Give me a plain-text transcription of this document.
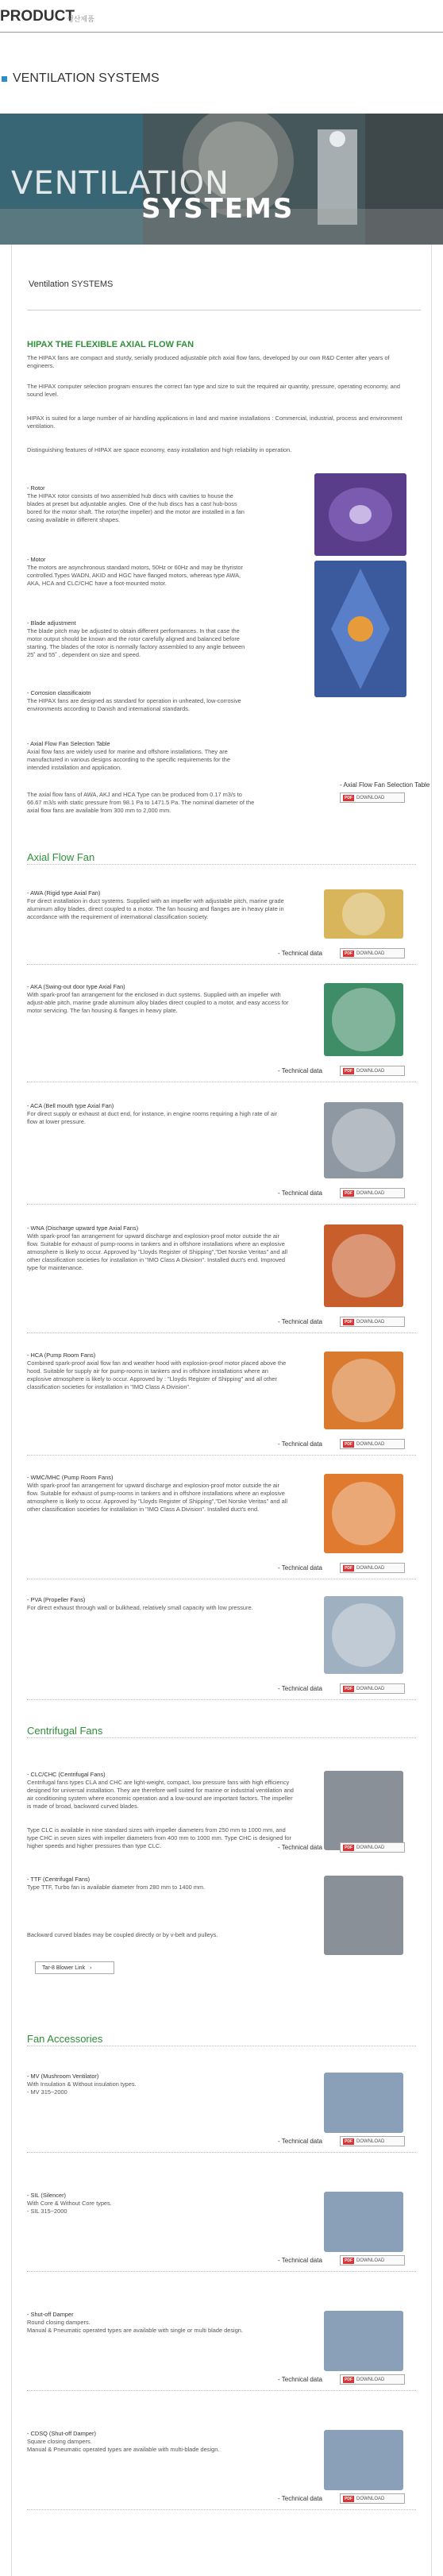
PRODUCT
생산제품
VENTILATION SYSTEMS
VENTILATION
SYSTEMS
Ventilation SYSTEMS
HIPAX THE FLEXIBLE AXIAL FLOW FAN
The HIPAX fans are compact and sturdy, serially produced adjustable pitch axial flow fans, developed by our own R&D Center after years of engineers.
The HIPAX computer selection program ensures the correct fan type and size to suit the required air quantity, pressure, operating economy, and sound level.
HIPAX is suited for a large number of air handling applications in land and marine installations : Commercial, industrial, process and environment ventilation.
Distinguishing features of HIPAX are space economy, easy installation and high reliability in operation.
- Rotor
The HIPAX rotor consists of two assembled hub discs with cavities to house the blades at preset but adjustable angles. One of the hub discs has a cast hub-boss bored for the motor shaft. The rotor(the impeller) and the motor are installed in a fan casing available in different shapes.
- Motor
The motors are asynchronous standard motors, 50Hz or 60Hz and may be thyristor controlled.Types WADN, AKID and HGC have flanged motors, whereas type AWA, AKA, HCA and CLC/CHC have a foot-mounted motor.
- Blade adjustment
The blade pitch may be adjusted to obtain different performances. In that case the motor output should be known and the rotor carefully aligned and balanced before starting. The blades of the rotor is normally factory assembled to any angle between 25˚ and 55˚ , dependent on size and speed.
- Corrosion classificaiotn
The HIPAX fans are designed as standard for operation in unheated, low-corrosive environments according to Danish and international standards.
- Axial Flow Fan Selection Table
Axial flow fans are widely used for marine and offshore installations. They are manufactured in various designs according to the specific requirements for the intended installation and application.
The axial flow fans of AWA, AKJ and HCA Type can be produced from 0.17 m3/s to 66.67 m3/s with static pressure from 98.1 Pa to 1471.5 Pa. The nominal diameter of the axial flow fans are available from 300 mm to 2,000 mm.
- Axial Flow Fan Selection Table
PDF DOWNLOAD
Axial Flow Fan
Centrifugal Fans
Tar-8 Blower Link ›
Fan Accessories
- AWA (Rigid type Axial Fan)
For direct installation in duct systems. Supplied with an impeller with adjustable pitch, marine grade aluminum alloy blades, direct coupled to a motor. The fan housing and flanges are in heavy plate in accordance with the requirement of international classification society.
- Technical data	PDF DOWNLOAD
- AKA (Swing-out door type Axial Fan)
With spark-proof fan arrangement for the enclosed in duct systems. Supplied with an impeller with adjust-able pitch, marine grade aluminum alloy blades direct coupled to a motor, and easy access for motor servicing. The fan housing & flanges in heavy plate.
- Technical data	PDF DOWNLOAD
- ACA (Bell mouth type Axial Fan)
For direct supply or exhaust at duct end, for instance, in engine rooms requiring a high rate of air flow at lower pressure.
- Technical data	PDF DOWNLOAD
- WNA (Discharge upward type Axial Fans)
With spark-proof fan arrangement for upward discharge and explosion-proof motor outside the air flow. Suitable for exhaust of pump-rooms in tankers and in offshore installations where an explosive atmosphere is likely to occur. Approved by "Lloyds Register of Shipping","Det Norske Veritas" and all other classification societies for installation in "IMO Class A Division". Installed duct's end. Improved type for maintenance.
- Technical data	PDF DOWNLOAD
- HCA (Pump Room Fans)
Combined spark-proof axial flow fan and weather hood with explosion-proof motor placed above the hood. Suitable for supply air for pump-rooms in tankers and in offshore installations where an explosive atmosphere is likely to occur. Approved by : "Lloyds Register of Shipping" and all other classification societies for installation in "IMO Class A Division".
- Technical data	PDF DOWNLOAD
- WMC/MHC (Pump Room Fans)
With spark-proof fan arrangement for upward discharge and explosion-proof motor outside the air flow. Suitable for exhaust of pump-rooms in tankers and in offshore installations where an explosive atmosphere is likely to occur. Approved by "Lloyds Register of Shipping","Det Norske Veritas" and all other classification societies for installation in "IMO Class A Division". Installed duct's end.
- Technical data	PDF DOWNLOAD
- PVA (Propeller Fans)
For direct exhaust through wall or bulkhead, relatively small capacity with low pressure.
- Technical data	PDF DOWNLOAD
- CLC/CHC (Centrifugal Fans)
Centrifugal fans types CLA and CHC are light-weight, compact, low pressure fans with high efficiency designed for universal installation. They are therefore well suited for marine or industrial ventilation and air conditioning system where economic operation and a low-sound are important factors. The impeller is made of broad, backward curved blades.
Type CLC is available in nine standard sizes with impeller diameters from 250 mm to 1000 mm, and type CHC in seven sizes with impeller diameters from 400 mm to 1000 mm. Type CHC is designed for higher speeds and higher pressures than type CLC.
- TTF (Centrifugal Fans)
Type TTF, Turbo fan is available diameter from 280 mm to 1400 mm.
Backward curved blades may be coupled directly or by v-belt and pulleys.
- Technical data	PDF DOWNLOAD
- MV (Mushroom Ventilator)
With Insulation & Without insulation types.
- MV 315~2000
- Technical data	PDF DOWNLOAD
- SIL (Silencer)
With Core & Without Core types.
- SIL 315~2000
- Technical data	PDF DOWNLOAD
- Shut-off Damper
Round closing dampers.
Manual & Pneumatic operated types are available with single or multi blade design.
- Technical data	PDF DOWNLOAD
- CDSQ (Shut-off Damper)
Square closing dampers.
Manual & Pneumatic operated types are available with multi-blade design.
- Technical data	PDF DOWNLOAD
